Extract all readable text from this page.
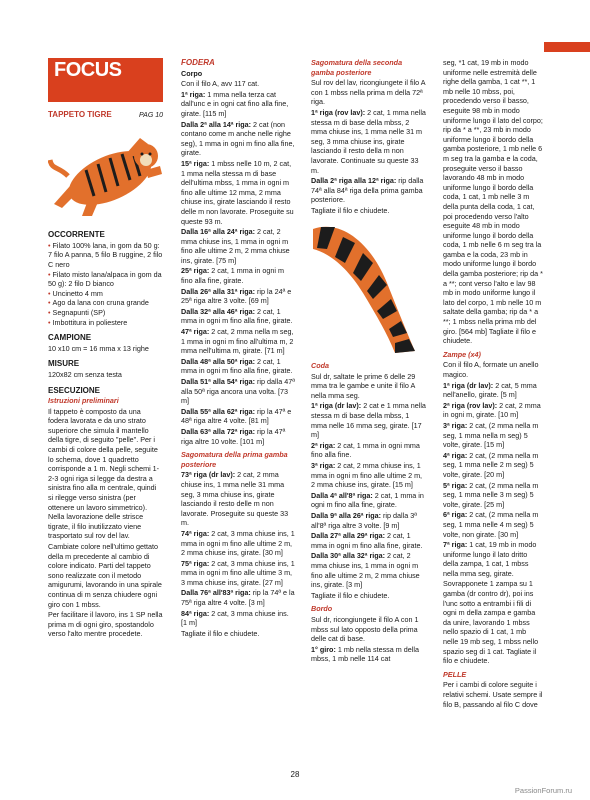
FOCUS

TAPPETO TIGRE	PAG 10

OCCORRENTE

• Filato 100% lana, in gom da 50 g: 7 filo A panna, 5 filo B ruggine, 2 filo C nero
• Filato misto lana/alpaca in gom da 50 g): 2 filo D bianco
• Uncinetto 4 mm
• Ago da lana con cruna grande
• Segnapunti (SP)
• Imbottitura in poliestere

CAMPIONE

10 x10 cm = 16 mma x 13 righe

MISURE

120x82 cm senza testa

ESECUZIONE

Istruzioni preliminari

Il tappeto è composto da una fodera lavorata e da uno strato superiore che simula il mantello della tigre, di seguito "pelle". Per i cambi di colore della pelle, seguite lo schema, dove 1 quadretto corrisponde a 1 m. Negli schemi 1-2-3 ogni riga si legge da destra a sinistra fino alla m centrale, quindi si rilegge verso sinistra (per ottenere un lavoro simmetrico). Nella lavorazione delle strisce tigrate, il filo inutilizzato viene trasportato sul rov del lav.

Cambiate colore nell'ultimo gettato della m precedente al cambio di colore indicato. Parti del tappeto sono realizzate con il metodo amigurumi, lavorando in una spirale continua di m senza chiudere ogni giro con 1 mbss.

Per facilitare il lavoro, ins 1 SP nella prima m di ogni giro, spostandolo verso l'alto mentre procedete.

FODERA

Corpo

Con il filo A, avv 117 cat.

1ª riga: 1 mma nella terza cat dall'unc e in ogni cat fino alla fine, girate. [115 m]

Dalla 2ª alla 14ª riga: 2 cat (non contano come m anche nelle righe seg), 1 mma in ogni m fino alla fine, girate.

15ª riga: 1 mbss nelle 10 m, 2 cat, 1 mma nella stessa m di base dell'ultima mbss, 1 mma in ogni m fino alle ultime 12 mma, 2 mma chiuse ins, girate lasciando il resto delle m non lavorate. Proseguite su queste 93 m.

Dalla 16ª alla 24ª riga: 2 cat, 2 mma chiuse ins, 1 mma in ogni m fino alle ultime 2 m, 2 mma chiuse ins, girate. [75 m]

25ª riga: 2 cat, 1 mma in ogni m fino alla fine, girate.

Dalla 26ª alla 31ª riga: rip la 24ª e 25ª riga altre 3 volte. [69 m]

Dalla 32ª alla 46ª riga: 2 cat, 1 mma in ogni m fino alla fine, girate.

47ª riga: 2 cat, 2 mma nella m seg, 1 mma in ogni m fino all'ultima m, 2 mma nell'ultima m, girate. [71 m]

Dalla 48ª alla 50ª riga: 2 cat, 1 mma in ogni m fino alla fine, girate.

Dalla 51ª alla 54ª riga: rip dalla 47ª alla 50ª riga ancora una volta. [73 m]

Dalla 55ª alla 62ª riga: rip la 47ª e 48ª riga altre 4 volte. [81 m]

Dalla 63ª alla 72ª riga: rip la 47ª riga altre 10 volte. [101 m]

Sagomatura della prima gamba posteriore

73ª riga (dr lav): 2 cat, 2 mma chiuse ins, 1 mma nelle 31 mma seg, 3 mma chiuse ins, girate lasciando il resto delle m non lavorate. Proseguite su queste 33 m.

74ª riga: 2 cat, 3 mma chiuse ins, 1 mma in ogni m fino alle ultime 2 m, 2 mma chiuse ins, girate. [30 m]

75ª riga: 2 cat, 3 mma chiuse ins, 1 mma in ogni m fino alle ultime 3 m, 3 mma chiuse ins, girate. [27 m]

Dalla 76ª all'83ª riga: rip la 74ª e la 75ª riga altre 4 volte. [3 m]

84ª riga: 2 cat, 3 mma chiuse ins. [1 m]

Tagliate il filo e chiudete.

Sagomatura della seconda gamba posteriore

Sul rov del lav, ricongiungete il filo A con 1 mbss nella prima m della 72ª riga.

1ª riga (rov lav): 2 cat, 1 mma nella stessa m di base della mbss, 2 mma chiuse ins, 1 mma nelle 31 m seg, 3 mma chiuse ins, girate lasciando il resto della m non lavorate. Continuate su queste 33 m.

Dalla 2ª riga alla 12ª riga: rip dalla 74ª alla 84ª riga della prima gamba posteriore.

Tagliate il filo e chiudete.

Coda

Sul dr, saltate le prime 6 delle 29 mma tra le gambe e unite il filo A nella mma seg.

1ª riga (dr lav): 2 cat e 1 mma nella stessa m di base della mbss, 1 mma nelle 16 mma seg, girate. [17 m]

2ª riga: 2 cat, 1 mma in ogni mma fino alla fine.

3ª riga: 2 cat, 2 mma chiuse ins, 1 mma in ogni m fino alle ultime 2 m, 2 mma chiuse ins, girate. [15 m]

Dalla 4ª all'8ª riga: 2 cat, 1 mma in ogni m fino alla fine, girate.

Dalla 9ª alla 26ª riga: rip dalla 3ª all'8ª riga altre 3 volte. [9 m]

Dalla 27ª alla 29ª riga: 2 cat, 1 mma in ogni m fino alla fine, girate.

Dalla 30ª alla 32ª riga: 2 cat, 2 mma chiuse ins, 1 mma in ogni m fino alle ultime 2 m, 2 mma chiuse ins, girate. [3 m]

Tagliate il filo e chiudete.

Bordo

Sul dr, ricongiungete il filo A con 1 mbss sul lato opposto della prima delle cat di base.

1° giro: 1 mb nella stessa m della mbss, 1 mb nelle 114 cat

seg, *1 cat, 19 mb in modo uniforme nelle estremità delle righe della gamba, 1 cat **, 1 mb nelle 10 mbss, poi, procedendo verso il basso, eseguite 98 mb in modo uniforme lungo il lato del corpo; rip da * a **, 23 mb in modo uniforme lungo il bordo della gamba posteriore, 1 mb nelle 6 m seg tra la gamba e la coda, proseguite verso il basso lavorando 48 mb in modo uniforme lungo il bordo della coda, 1 cat, 1 mb nelle 3 m della punta della coda, 1 cat, poi procedendo verso l'alto eseguite 48 mb in modo uniforme lungo il bordo della coda, 1 mb nelle 6 m seg tra la gamba e la coda, 23 mb in modo uniforme lungo il bordo della gamba posteriore; rip da * a **; cont verso l'alto e lav 98 mb in modo uniforme lungo il lato del corpo, 1 mb nelle 10 m saltate della gamba; rip da * a **; 1 mbss nella prima mb del giro. [564 mb] Tagliate il filo e chiudete.

Zampe (x4)

Con il filo A, formate un anello magico.

1ª riga (dr lav): 2 cat, 5 mma nell'anello, girate. [5 m]

2ª riga (rov lav): 2 cat, 2 mma in ogni m, girate. [10 m]

3ª riga: 2 cat, (2 mma nella m seg, 1 mma nella m seg) 5 volte, girate. [15 m]

4ª riga: 2 cat, (2 mma nella m seg, 1 mma nelle 2 m seg) 5 volte, girate. [20 m]

5ª riga: 2 cat, (2 mma nella m seg, 1 mma nelle 3 m seg) 5 volte, girate. [25 m]

6ª riga: 2 cat, (2 mma nella m seg, 1 mma nelle 4 m seg) 5 volte, non girate. [30 m]

7ª riga: 1 cat, 19 mb in modo uniforme lungo il lato dritto della zampa, 1 cat, 1 mbss nella mma seg, girate.

Sovrapponete 1 zampa su 1 gamba (dr contro dr), poi ins l'unc sotto a entrambi i fili di ogni m della zampa e gamba da unire, lavorando 1 mbss nello spazio di 1 cat, 1 mb nelle 19 mb seg, 1 mbss nello spazio seg di 1 cat. Tagliate il filo e chiudete.

PELLE

Per i cambi di colore seguite i relativi schemi. Usate sempre il filo B, passando al filo C dove

28
PassionForum.ru
